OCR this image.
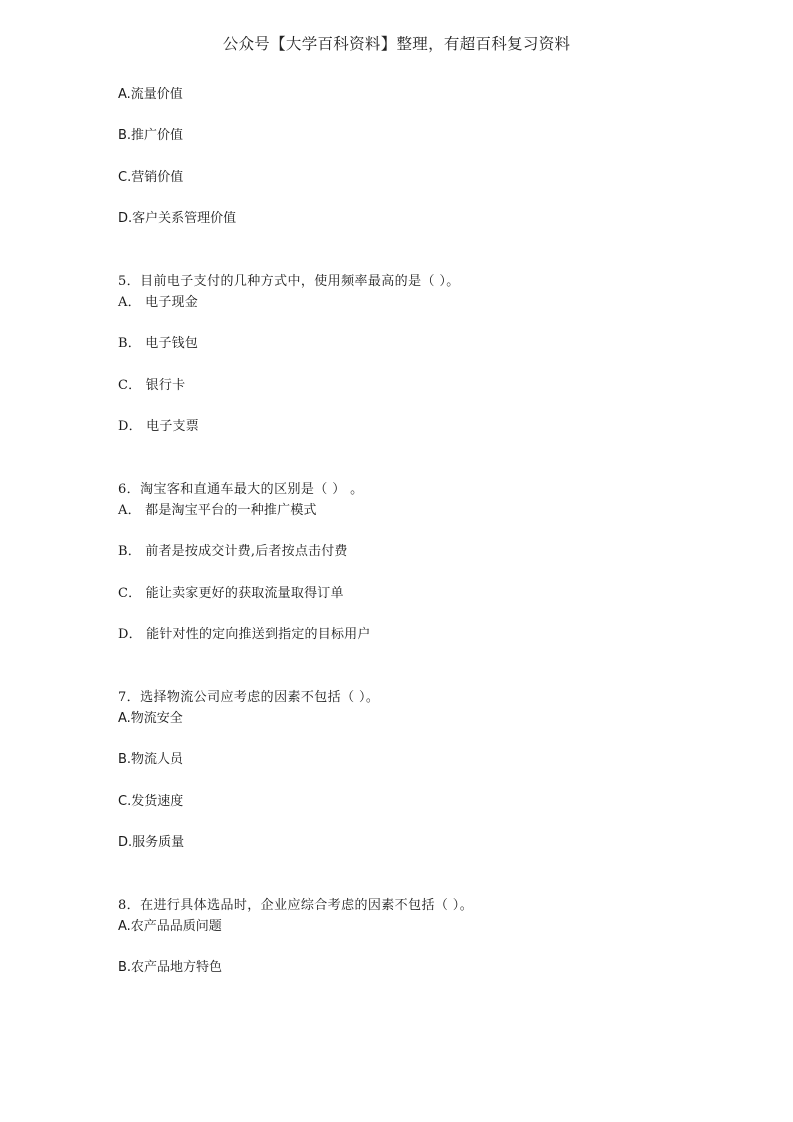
公众号【大学百科资料】整理，有超百科复习资料
A.流量价值
B.推广价值
C.营销价值
D.客户关系管理价值
5．目前电子支付的几种方式中，使用频率最高的是（ ）。
A． 电子现金
B． 电子钱包
C． 银行卡
D． 电子支票
6．淘宝客和直通车最大的区别是（ ） 。
A． 都是淘宝平台的一种推广模式
B． 前者是按成交计费,后者按点击付费
C． 能让卖家更好的获取流量取得订单
D． 能针对性的定向推送到指定的目标用户
7．选择物流公司应考虑的因素不包括（ ）。
A.物流安全
B.物流人员
C.发货速度
D.服务质量
8．在进行具体选品时，企业应综合考虑的因素不包括（ ）。
A.农产品品质问题
B.农产品地方特色
